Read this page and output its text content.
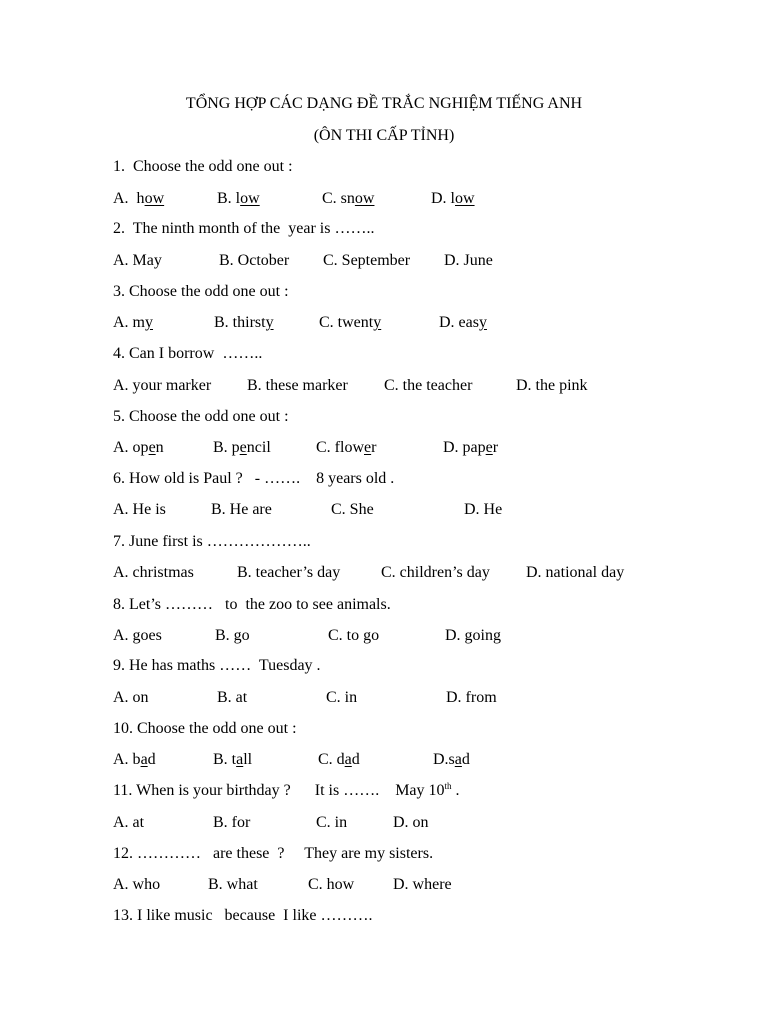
TỔNG HỢP CÁC DẠNG ĐỀ TRẮC NGHIỆM TIẾNG ANH
(ÔN THI CẤP TỈNH)
1.  Choose the odd one out :
A.  how	B. low	C. snow	D. low
2.  The ninth month of the  year is ……..
A. May	B. October C. September D. June
3. Choose the odd one out :
A. my	B. thirsty	C. twenty	D. easy
4. Can I borrow  ……..
A. your marker B. these marker C. the teacher	D. the pink
5. Choose the odd one out :
A. open	B. pencil	C. flower	D. paper
6. How old is Paul ?   - …….    8 years old .
A. He is	B. He are	C. She	D. He
7. June first is ………………..
A. christmas	B. teacher’s day	C. children’s day D. national day
8. Let’s ………   to  the zoo to see animals.
A. goes	B. go	C. to go	D. going
9. He has maths ……  Tuesday .
A. on	B. at	C. in	D. from
10. Choose the odd one out :
A. bad	B. tall	C. dad	D.sad
11. When is your birthday ?      It is …….    May 10th .
A. at	B. for	C. in	D. on
12. …………   are these  ?     They are my sisters.
A. who	B. what	C. how D. where
13. I like music   because  I like ……….
